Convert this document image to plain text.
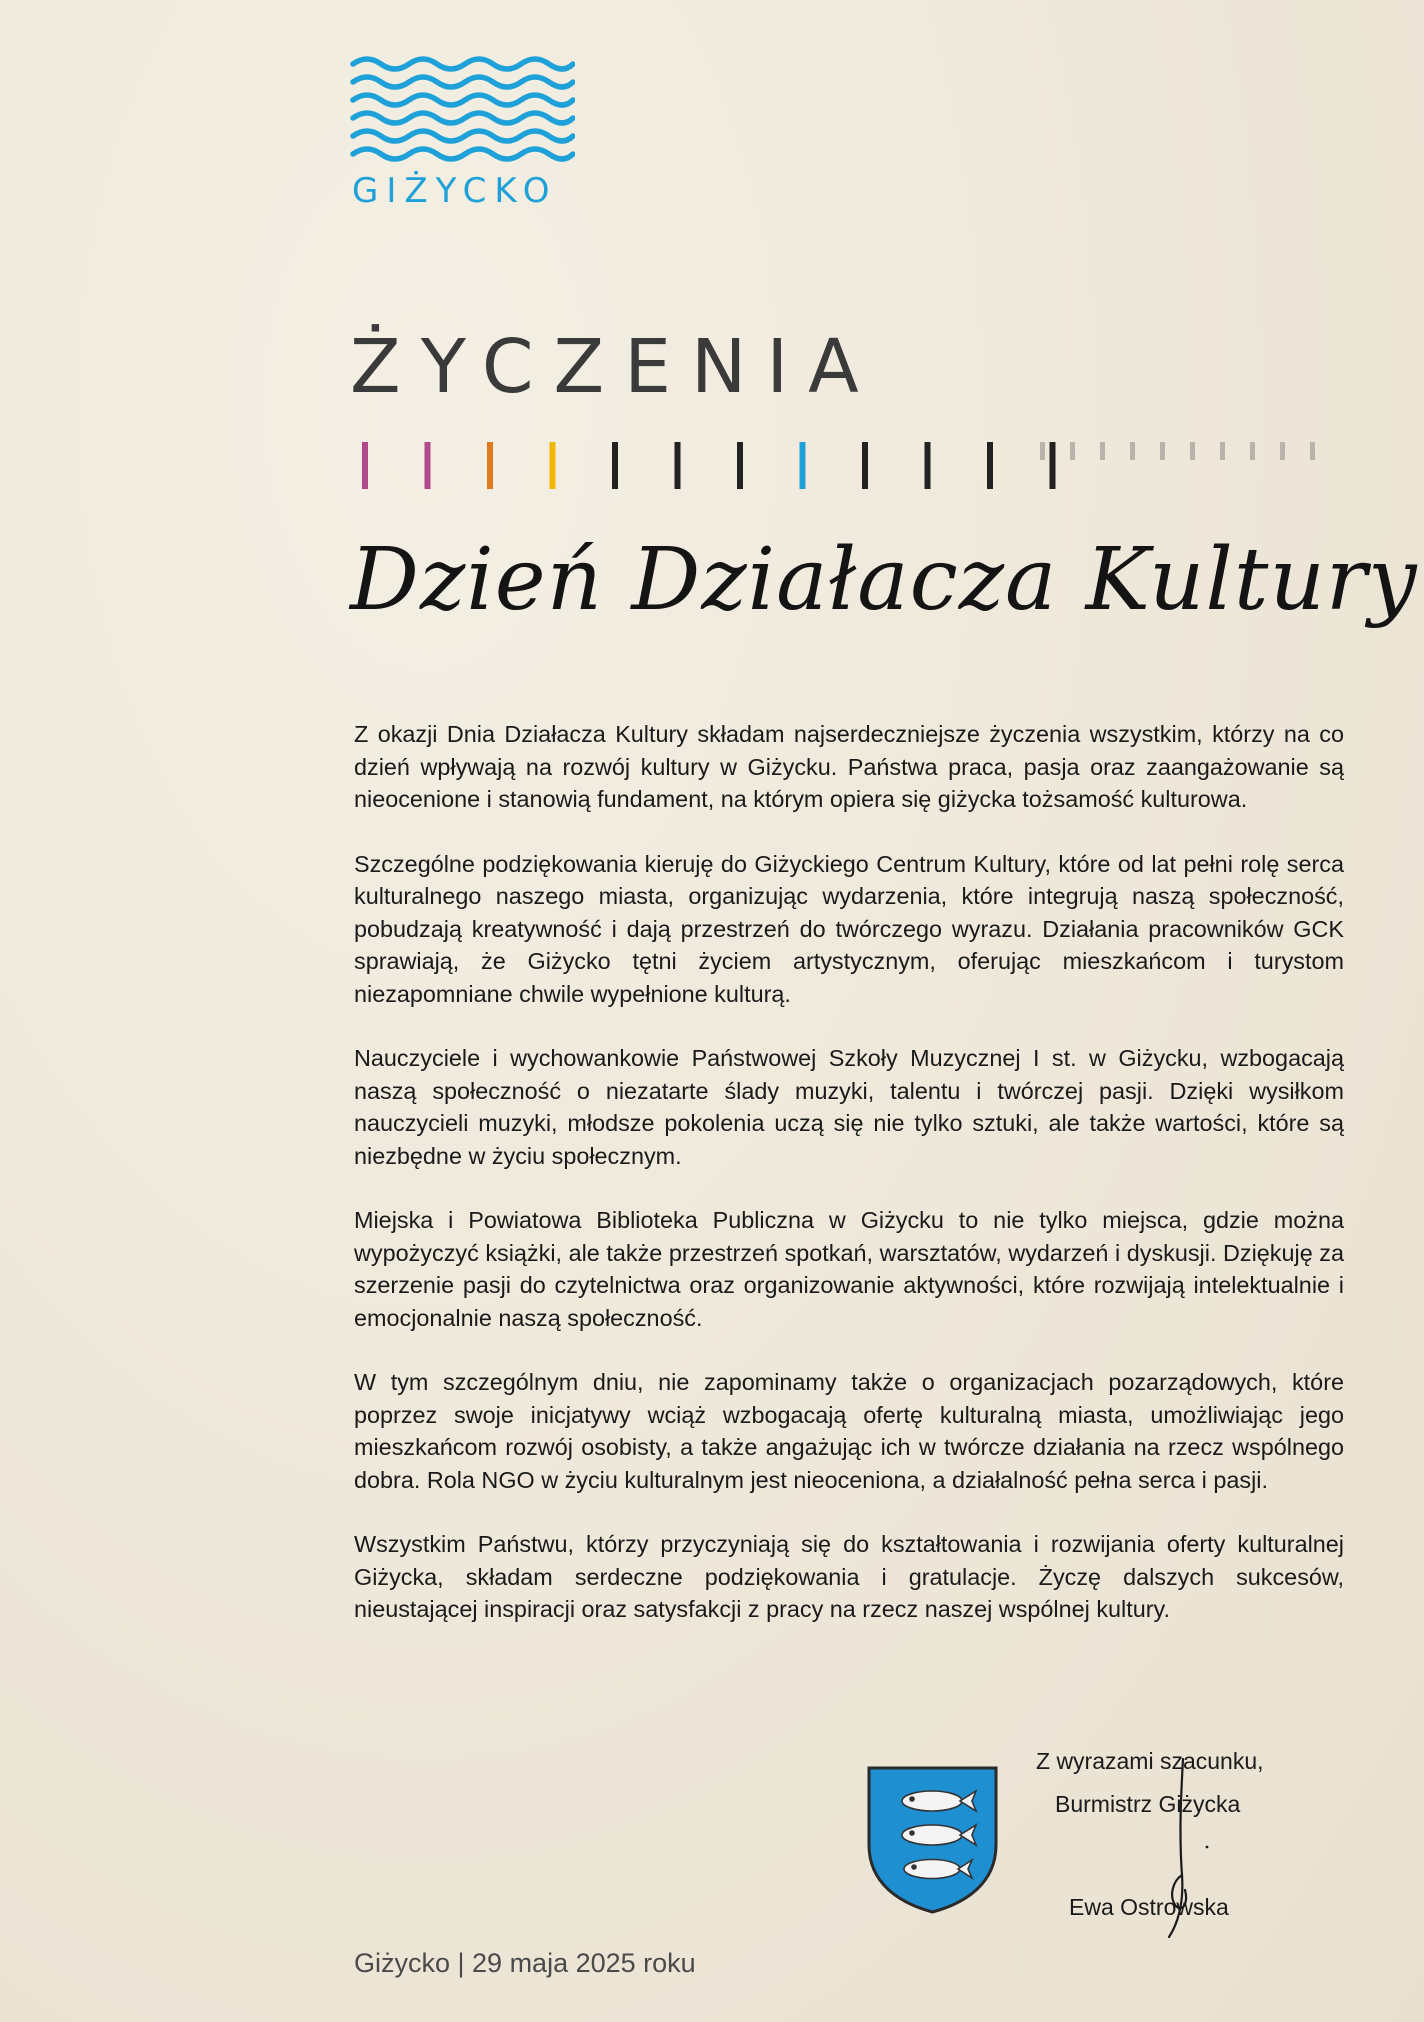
GIŻYCKO
ŻYCZENIA
Dzień Działacza Kultury

Z okazji Dnia Działacza Kultury składam najserdeczniejsze życzenia wszystkim, którzy na co dzień wpływają na rozwój kultury w Giżycku. Państwa praca, pasja oraz zaangażowanie są nieocenione i stanowią fundament, na którym opiera się giżycka tożsamość kulturowa.

Szczególne podziękowania kieruję do Giżyckiego Centrum Kultury, które od lat pełni rolę serca kulturalnego naszego miasta, organizując wydarzenia, które integrują naszą społeczność, pobudzają kreatywność i dają przestrzeń do twórczego wyrazu. Działania pracowników GCK sprawiają, że Giżycko tętni życiem artystycznym, oferując mieszkańcom i turystom niezapomniane chwile wypełnione kulturą.

Nauczyciele i wychowankowie Państwowej Szkoły Muzycznej I st. w Giżycku, wzbogacają naszą społeczność o niezatarte ślady muzyki, talentu i twórczej pasji. Dzięki wysiłkom nauczycieli muzyki, młodsze pokolenia uczą się nie tylko sztuki, ale także wartości, które są niezbędne w życiu społecznym.

Miejska i Powiatowa Biblioteka Publiczna w Giżycku to nie tylko miejsca, gdzie można wypożyczyć książki, ale także przestrzeń spotkań, warsztatów, wydarzeń i dyskusji. Dziękuję za szerzenie pasji do czytelnictwa oraz organizowanie aktywności, które rozwijają intelektualnie i emocjonalnie naszą społeczność.

W tym szczególnym dniu, nie zapominamy także o organizacjach pozarządowych, które poprzez swoje inicjatywy wciąż wzbogacają ofertę kulturalną miasta, umożliwiając jego mieszkańcom rozwój osobisty, a także angażując ich w twórcze działania na rzecz wspólnego dobra. Rola NGO w życiu kulturalnym jest nieoceniona, a działalność pełna serca i pasji.

Wszystkim Państwu, którzy przyczyniają się do kształtowania i rozwijania oferty kulturalnej Giżycka, składam serdeczne podziękowania i gratulacje. Życzę dalszych sukcesów, nieustającej inspiracji oraz satysfakcji z pracy na rzecz naszej wspólnej kultury.

Z wyrazami szacunku,
Burmistrz Giżycka
Ewa Ostrowska
Giżycko | 29 maja 2025 roku
